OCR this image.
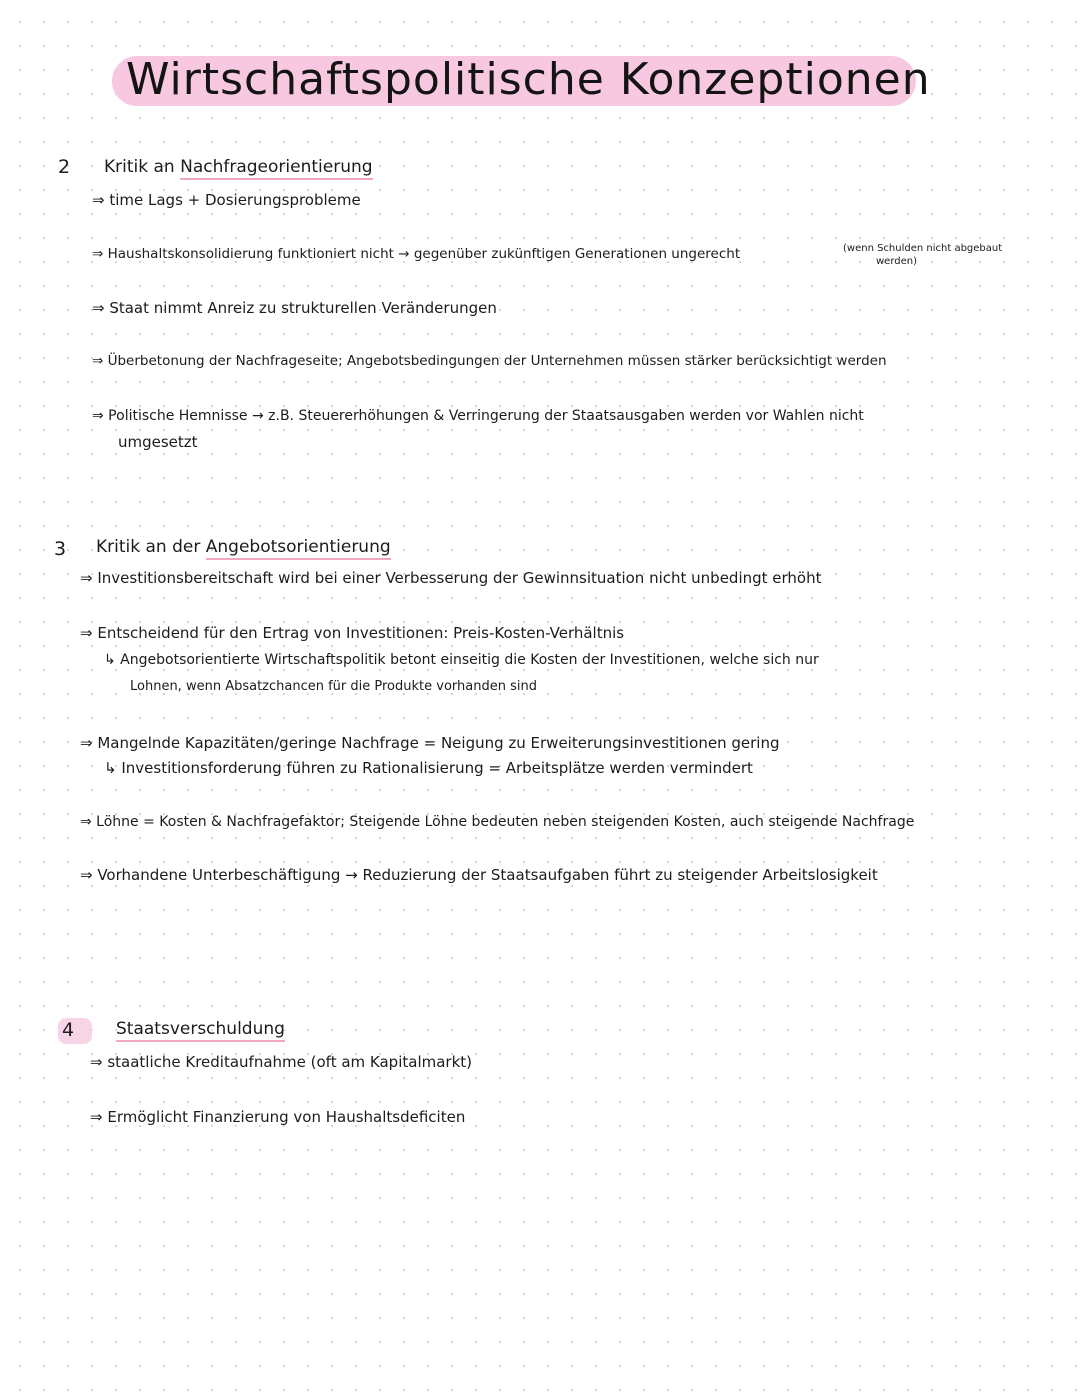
Wirtschaftspolitische Konzeptionen
2 Kritik an Nachfrageorientierung
⇒ time Lags + Dosierungsprobleme
⇒ Haushaltskonsolidierung funktioniert nicht → gegenüber zukünftigen Generationen ungerecht	(wenn Schulden nicht abgebaut
werden)
⇒ Staat nimmt Anreiz zu strukturellen Veränderungen
⇒ Überbetonung der Nachfrageseite; Angebotsbedingungen der Unternehmen müssen stärker berücksichtigt werden
⇒ Politische Hemnisse → z.B. Steuererhöhungen & Verringerung der Staatsausgaben werden vor Wahlen nicht
umgesetzt
3 Kritik an der Angebotsorientierung
⇒ Investitionsbereitschaft wird bei einer Verbesserung der Gewinnsituation nicht unbedingt erhöht
⇒ Entscheidend für den Ertrag von Investitionen: Preis-Kosten-Verhältnis
↳ Angebotsorientierte Wirtschaftspolitik betont einseitig die Kosten der Investitionen, welche sich nur
Lohnen, wenn Absatzchancen für die Produkte vorhanden sind
⇒ Mangelnde Kapazitäten/geringe Nachfrage = Neigung zu Erweiterungsinvestitionen gering
↳ Investitionsforderung führen zu Rationalisierung = Arbeitsplätze werden vermindert
⇒ Löhne = Kosten & Nachfragefaktor; Steigende Löhne bedeuten neben steigenden Kosten, auch steigende Nachfrage
⇒ Vorhandene Unterbeschäftigung → Reduzierung der Staatsaufgaben führt zu steigender Arbeitslosigkeit
4 Staatsverschuldung
⇒ staatliche Kreditaufnahme (oft am Kapitalmarkt)
⇒ Ermöglicht Finanzierung von Haushaltsdeficiten
